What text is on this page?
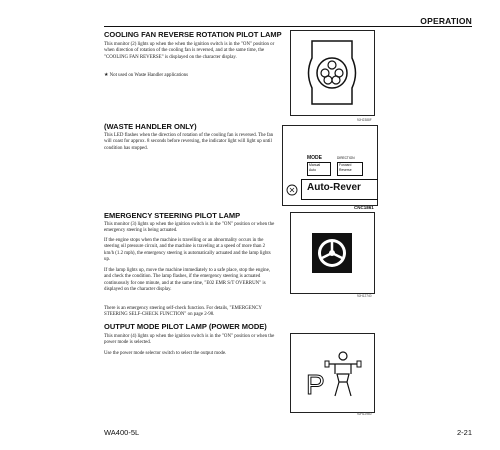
OPERATION
COOLING FAN REVERSE ROTATION PILOT LAMP

This monitor (2) lights up when the when the ignition switch is in the "ON" position or when direction of rotation of the cooling fan is reversed, and at the same time, the "COOLING FAN REVERSE" is displayed on the character display.

★ Not used on Waste Handler applications

9JH2388F
(WASTE HANDLER ONLY)

This LED flashes when the direction of rotation of the cooling fan is reversed. The fan will coast for approx. 8 seconds before reversing, the indicator light will light up until condition has stopped.

MODE	DIRECTION
Manual
Auto
Forward
Reverse
Auto-Rever
CNC1861
EMERGENCY STEERING PILOT LAMP

This monitor (3) lights up when the ignition switch is in the "ON" position or when the emergency steering is being actuated.

If the engine stops when the machine is travelling or an abnormality occurs in the steering oil pressure circuit, and the machine is traveling at a speed of more than 2 km/h (1.2 mph), the emergency steering is automatically actuated and the lamp lights up.

If the lamp lights up, move the machine immediately to a safe place, stop the engine, and check the condition. The lamp flashes, if the emergency steering is actuated continuously for one minute, and at the same time, "E02 EMR S/T OVERRUN" is displayed on the character display.

There is an emergency steering self-check function. For details, "EMERGENCY STEERING SELF-CHECK FUNCTION" on page 2-98.

9JH12740
OUTPUT MODE PILOT LAMP (POWER MODE)

This monitor (4) lights up when the ignition switch is in the "ON" position or when the power mode is selected.

Use the power mode selector switch to select the output mode.

P
9JH12960
WA400-5L	2-21
